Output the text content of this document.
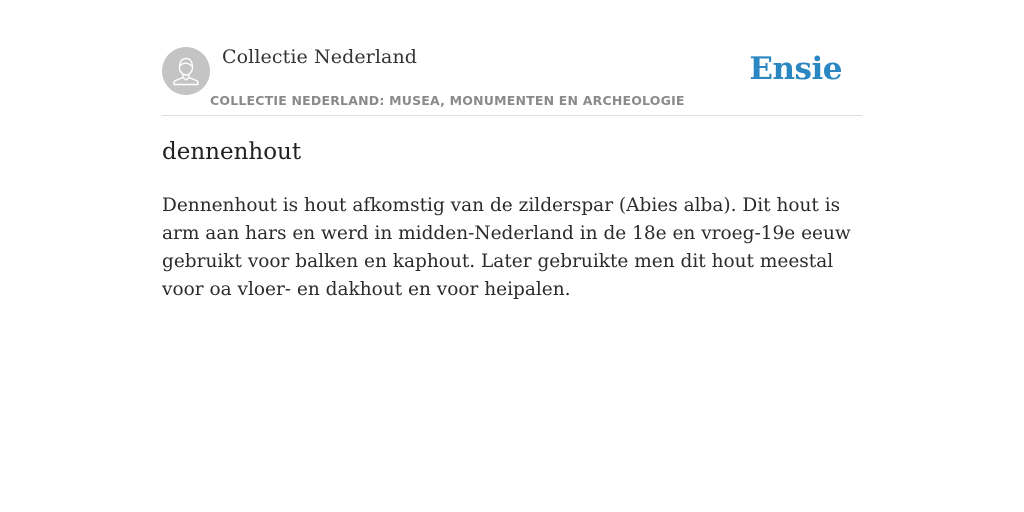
Collectie Nederland
COLLECTIE NEDERLAND: MUSEA, MONUMENTEN EN ARCHEOLOGIE
Ensie
dennenhout

Dennenhout is hout afkomstig van de zilderspar (Abies alba). Dit hout is arm aan hars en werd in midden-Nederland in de 18e en vroeg-19e eeuw gebruikt voor balken en kaphout. Later gebruikte men dit hout meestal voor oa vloer- en dakhout en voor heipalen.
